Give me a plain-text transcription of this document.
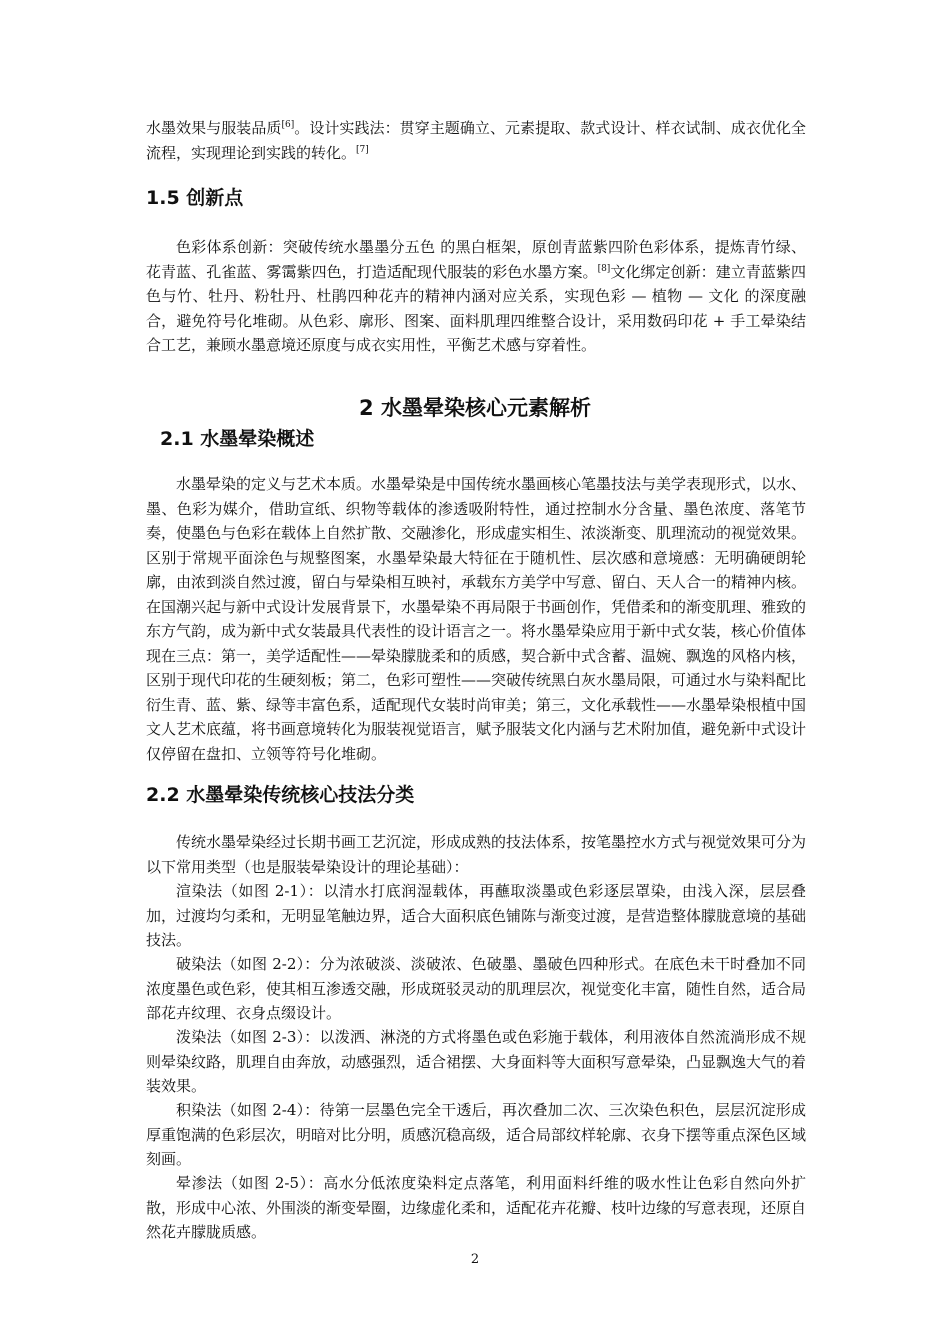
水墨效果与服装品质[6]。设计实践法：贯穿主题确立、元素提取、款式设计、样衣试制、成衣优化全流程，实现理论到实践的转化。[7]

1.5 创新点

色彩体系创新：突破传统水墨墨分五色 的黑白框架，原创青蓝紫四阶色彩体系，提炼青竹绿、花青蓝、孔雀蓝、雾霭紫四色，打造适配现代服装的彩色水墨方案。[8]文化绑定创新：建立青蓝紫四色与竹、牡丹、粉牡丹、杜鹃四种花卉的精神内涵对应关系，实现色彩 — 植物 — 文化 的深度融合，避免符号化堆砌。从色彩、廓形、图案、面料肌理四维整合设计，采用数码印花 + 手工晕染结合工艺，兼顾水墨意境还原度与成衣实用性，平衡艺术感与穿着性。

2 水墨晕染核心元素解析
2.1 水墨晕染概述

水墨晕染的定义与艺术本质。水墨晕染是中国传统水墨画核心笔墨技法与美学表现形式，以水、墨、色彩为媒介，借助宣纸、织物等载体的渗透吸附特性，通过控制水分含量、墨色浓度、落笔节奏，使墨色与色彩在载体上自然扩散、交融渗化，形成虚实相生、浓淡渐变、肌理流动的视觉效果。区别于常规平面涂色与规整图案，水墨晕染最大特征在于随机性、层次感和意境感：无明确硬朗轮廓，由浓到淡自然过渡，留白与晕染相互映衬，承载东方美学中写意、留白、天人合一的精神内核。在国潮兴起与新中式设计发展背景下，水墨晕染不再局限于书画创作，凭借柔和的渐变肌理、雅致的东方气韵，成为新中式女装最具代表性的设计语言之一。将水墨晕染应用于新中式女装，核心价值体现在三点：第一，美学适配性——晕染朦胧柔和的质感，契合新中式含蓄、温婉、飘逸的风格内核，区别于现代印花的生硬刻板；第二，色彩可塑性——突破传统黑白灰水墨局限，可通过水与染料配比衍生青、蓝、紫、绿等丰富色系，适配现代女装时尚审美；第三，文化承载性——水墨晕染根植中国文人艺术底蕴，将书画意境转化为服装视觉语言，赋予服装文化内涵与艺术附加值，避免新中式设计仅停留在盘扣、立领等符号化堆砌。

2.2 水墨晕染传统核心技法分类

传统水墨晕染经过长期书画工艺沉淀，形成成熟的技法体系，按笔墨控水方式与视觉效果可分为以下常用类型（也是服装晕染设计的理论基础）：

渲染法（如图 2-1）：以清水打底润湿载体，再蘸取淡墨或色彩逐层罩染，由浅入深，层层叠加，过渡均匀柔和，无明显笔触边界，适合大面积底色铺陈与渐变过渡，是营造整体朦胧意境的基础技法。

破染法（如图 2-2）：分为浓破淡、淡破浓、色破墨、墨破色四种形式。在底色未干时叠加不同浓度墨色或色彩，使其相互渗透交融，形成斑驳灵动的肌理层次，视觉变化丰富，随性自然，适合局部花卉纹理、衣身点缀设计。

泼染法（如图 2-3）：以泼洒、淋浇的方式将墨色或色彩施于载体，利用液体自然流淌形成不规则晕染纹路，肌理自由奔放，动感强烈，适合裙摆、大身面料等大面积写意晕染，凸显飘逸大气的着装效果。

积染法（如图 2-4）：待第一层墨色完全干透后，再次叠加二次、三次染色积色，层层沉淀形成厚重饱满的色彩层次，明暗对比分明，质感沉稳高级，适合局部纹样轮廓、衣身下摆等重点深色区域刻画。

晕渗法（如图 2-5）：高水分低浓度染料定点落笔，利用面料纤维的吸水性让色彩自然向外扩散，形成中心浓、外围淡的渐变晕圈，边缘虚化柔和，适配花卉花瓣、枝叶边缘的写意表现，还原自然花卉朦胧质感。

2
